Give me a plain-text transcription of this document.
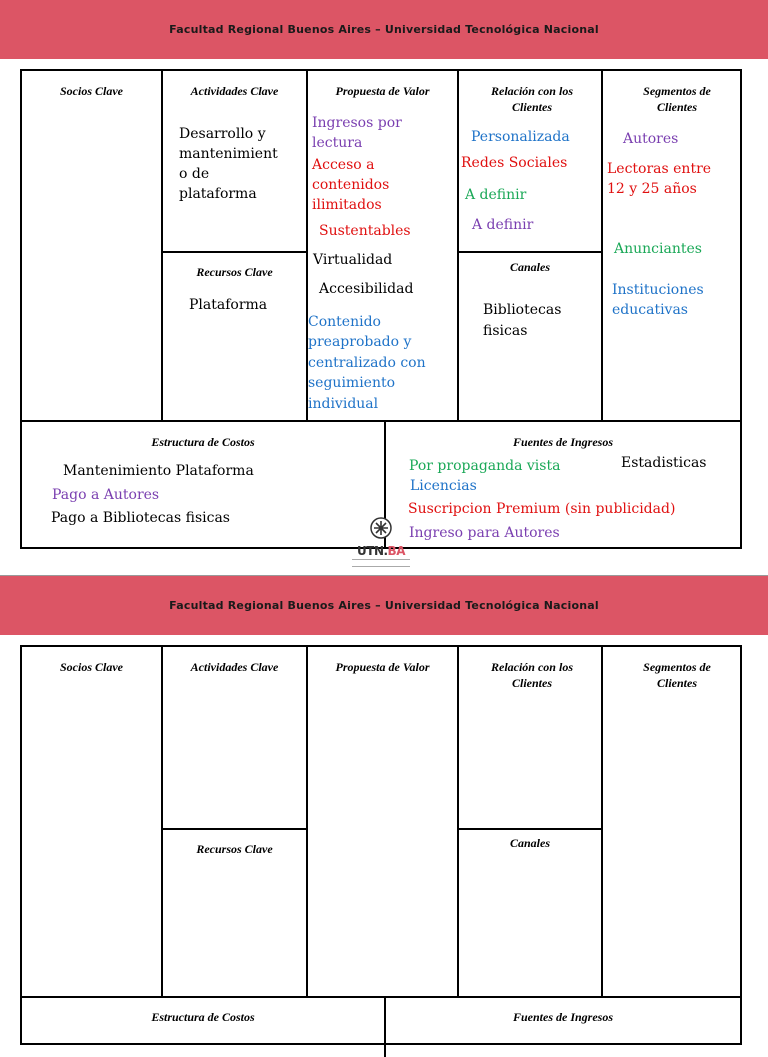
Facultad Regional Buenos Aires – Universidad Tecnológica Nacional
Socios Clave	Actividades Clave	Propuesta de Valor	Relación con los Clientes
Segmentos de Clientes
Recursos Clave	Canales
Estructura de Costos	Fuentes de Ingresos
Desarrollo y
mantenimient
o de
plataforma
Plataforma
Ingresos por
lectura
Acceso a
contenidos
ilimitados
Sustentables
Virtualidad
Accesibilidad
Contenido
preaprobado y
centralizado con
seguimiento
individual
Personalizada
Redes Sociales
A definir
A definir
Bibliotecas
fisicas
Autores
Lectoras entre
12 y 25 años
Anunciantes
Instituciones
educativas
Mantenimiento Plataforma
Pago a Autores
Pago a Bibliotecas fisicas
Por propaganda vista	Estadisticas
Licencias
Suscripcion Premium (sin publicidad)
Ingreso para Autores
UTN.BA
Facultad Regional Buenos Aires – Universidad Tecnológica Nacional
Socios Clave	Actividades Clave	Propuesta de Valor	Relación con los Clientes
Segmentos de Clientes
Recursos Clave	Canales
Estructura de Costos	Fuentes de Ingresos
